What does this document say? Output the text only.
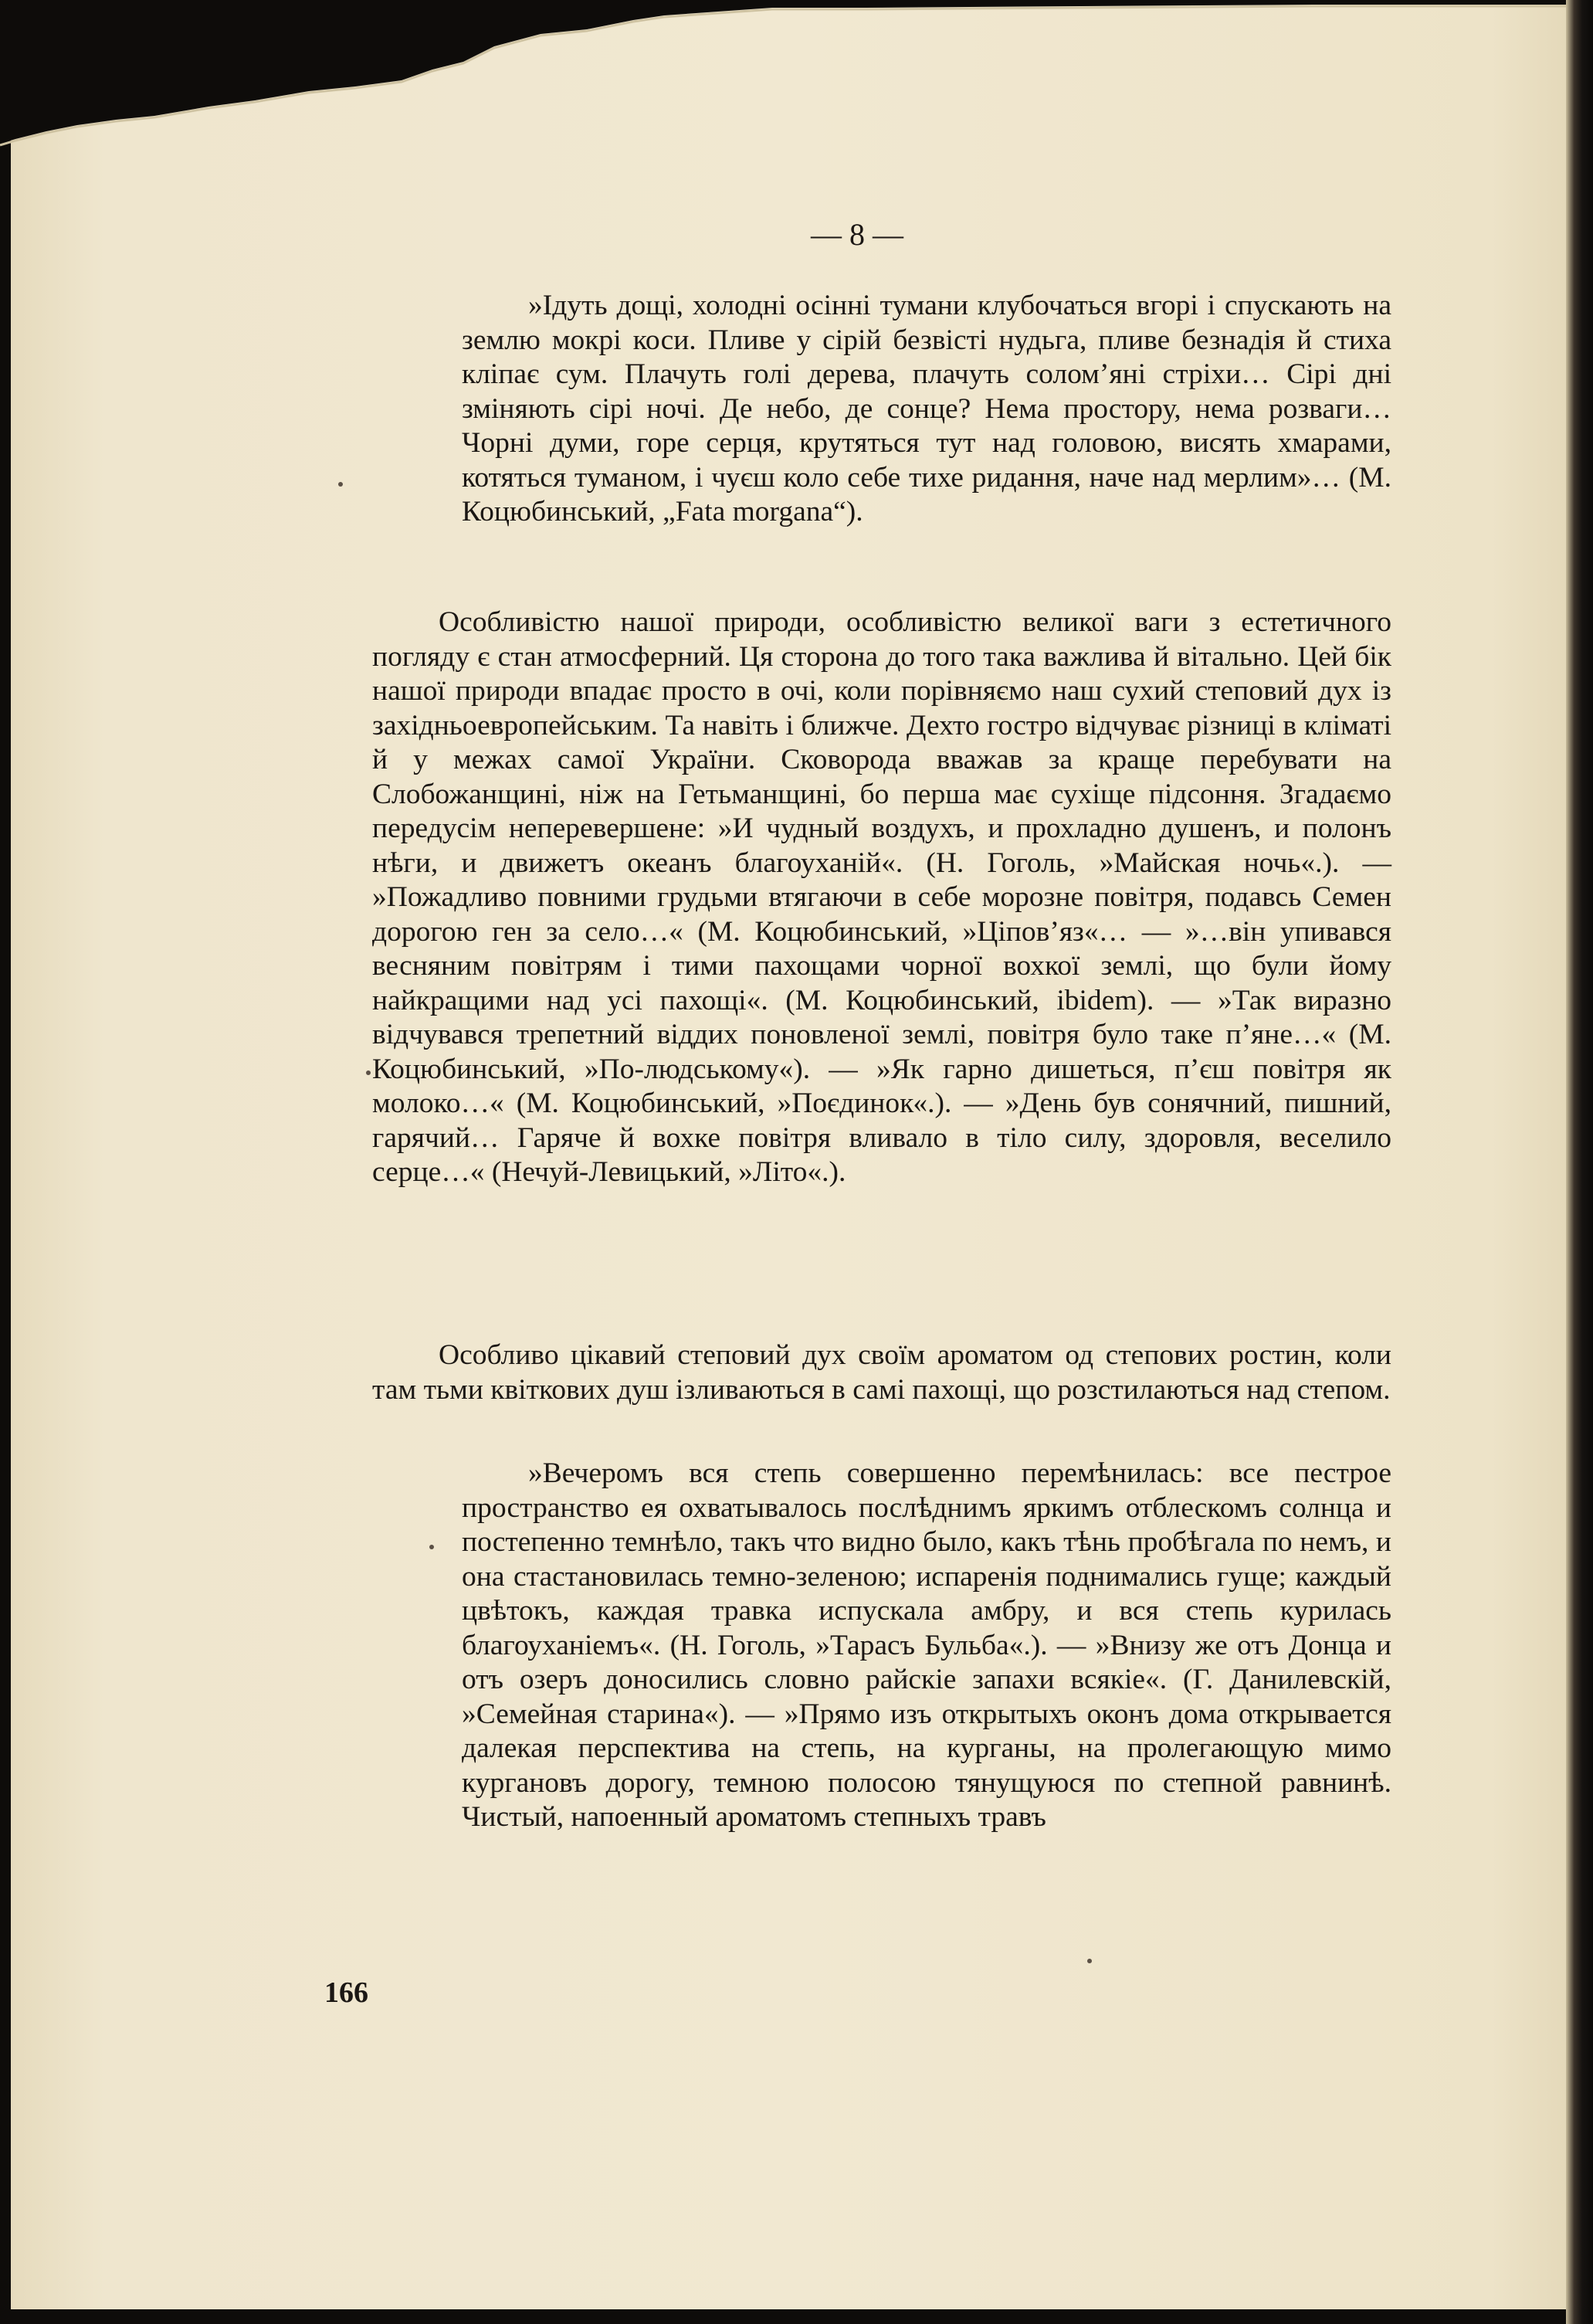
— 8 —

»Ідуть дощі, холодні осінні тумани клубочаться вгорі і спускають на землю мокрі коси. Пливе у сірій безвісті нудьга, пливе безнадія й стиха кліпає сум. Плачуть голі дерева, плачуть солом’яні стріхи… Сірі дні зміняють сірі ночі. Де небо, де сонце? Нема простору, нема розваги… Чорні думи, горе серця, крутяться тут над головою, висять хмарами, котяться туманом, і чуєш коло себе тихе ридання, наче над мерлим»… (М. Коцюбинський, „Fata morgana“).

Особливістю нашої природи, особливістю великої ваги з естетичного погляду є стан атмосферний. Ця сторона до того така важлива й вітально. Цей бік нашої природи впадає просто в очі, коли порівняємо наш сухий степовий дух із західньоевропейським. Та навіть і ближче. Дехто гостро відчуває різниці в кліматі й у межах самої України. Сковорода вважав за краще перебувати на Слобожанщині, ніж на Гетьманщині, бо перша має сухіще підсоння. Згадаємо передусім неперевершене: »И чудный воздухъ, и прохладно душенъ, и полонъ нѣги, и движетъ океанъ благоуханій«. (Н. Гоголь, »Майская ночь«.). — »Пожадливо повними грудьми втягаючи в себе морозне повітря, подавсь Семен дорогою ген за село…« (М. Коцюбинський, »Ціпов’яз«… — »…він упивався весняним повітрям і тими пахощами чорної вохкої землі, що були йому найкращими над усі пахощі«. (М. Коцюбинський, ibidem). — »Так виразно відчувався трепетний віддих поновленої землі, повітря було таке п’яне…« (М. Коцюбинський, »По-людському«). — »Як гарно дишеться, п’єш повітря як молоко…« (М. Коцюбинський, »Поєдинок«.). — »День був сонячний, пишний, гарячий… Гаряче й вохке повітря вливало в тіло силу, здоровля, веселило серце…« (Нечуй-Левицький, »Літо«.).

Особливо цікавий степовий дух своїм ароматом од степових ростин, коли там тьми квіткових душ ізливаються в самі пахощі, що розстилаються над степом.

»Вечеромъ вся степь совершенно перемѣнилась: все пестрое пространство ея охватывалось послѣднимъ яркимъ отблескомъ солнца и постепенно темнѣло, такъ что видно было, какъ тѣнь пробѣгала по немъ, и она стастановилась темно-зеленою; испаренія поднимались гуще; каждый цвѣтокъ, каждая травка испускала амбру, и вся степь курилась благоуханіемъ«. (Н. Гоголь, »Тарасъ Бульба«.). — »Внизу же отъ Донца и отъ озеръ доносились словно райскіе запахи всякіе«. (Г. Данилевскій, »Семейная старина«). — »Прямо изъ открытыхъ оконъ дома открывается далекая перспектива на степь, на курганы, на пролегающую мимо кургановъ дорогу, темною полосою тянущуюся по степной равнинѣ. Чистый, напоенный ароматомъ степныхъ травъ

166
